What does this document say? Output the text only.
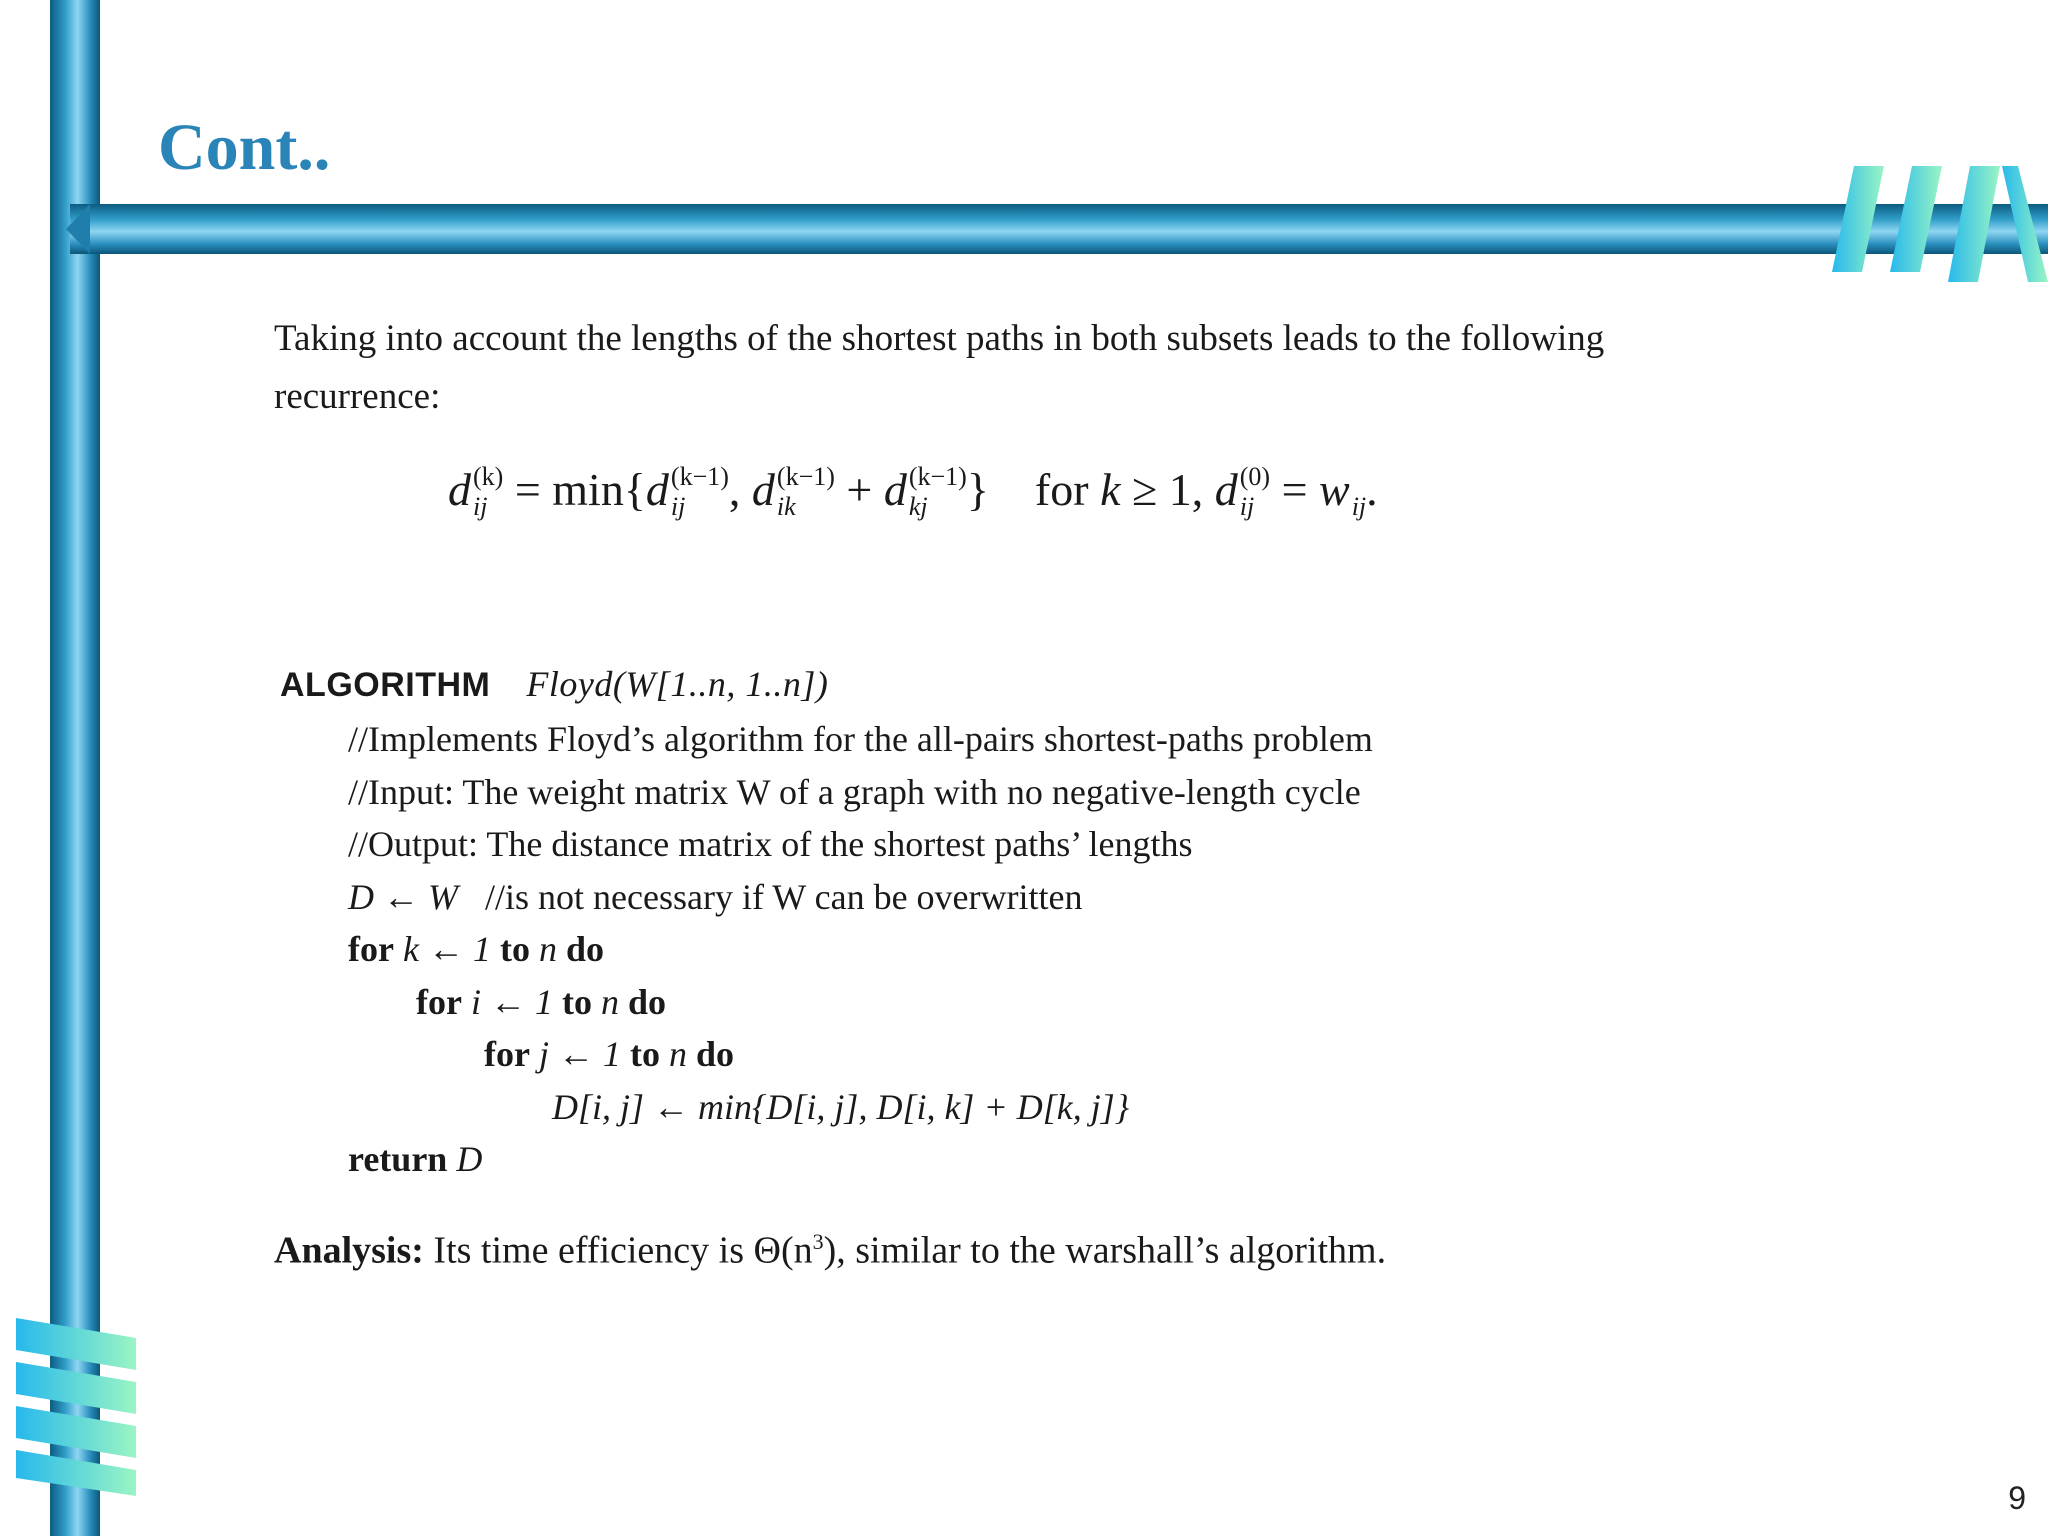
Cont..

Taking into account the lengths of the shortest paths in both subsets leads to the following recurrence:

d (k)
ij = min{d (k−1)
ij , d (k−1)
ik	+ d (k−1)
kj } for k ≥ 1, d (0)
ij = w
ij .

ALGORITHM Floyd(W[1..n, 1..n])

//Implements Floyd’s algorithm for the all-pairs shortest-paths problem

//Input: The weight matrix W of a graph with no negative-length cycle

//Output: The distance matrix of the shortest paths’ lengths

D ← W //is not necessary if W can be overwritten

for k ← 1 to n do

for i ← 1 to n do

for j ← 1 to n do

D[i, j] ← min{D[i, j], D[i, k] + D[k, j]}

return D

Analysis: Its time efficiency is $\Theta(n^3)$, similar to the warshall’s algorithm.

9
